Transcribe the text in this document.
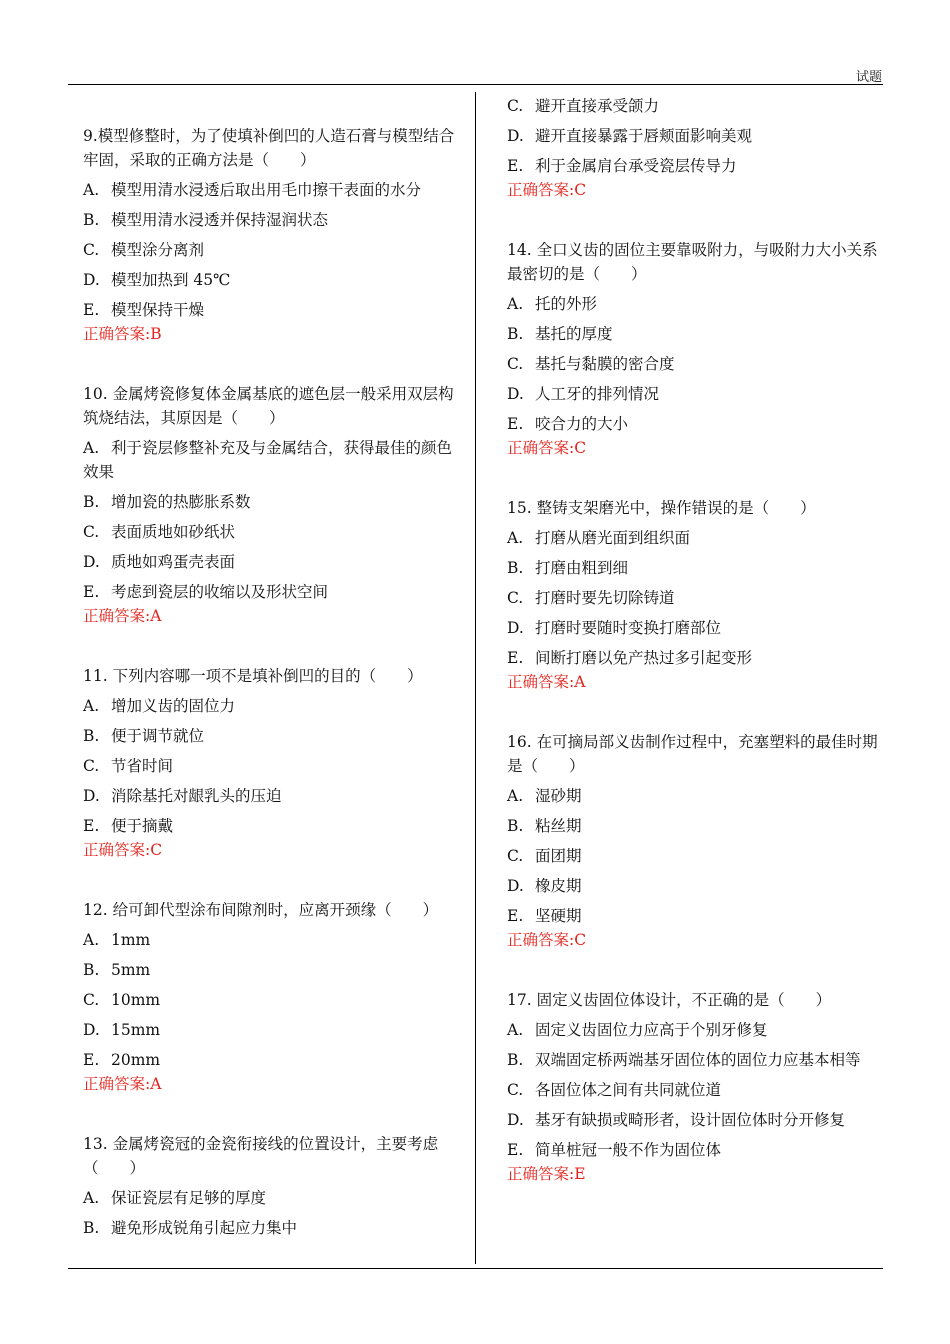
试题
9.模型修整时，为了使填补倒凹的人造石膏与模型结合牢固，采取的正确方法是（　　）
A. 模型用清水浸透后取出用毛巾擦干表面的水分
B. 模型用清水浸透并保持湿润状态
C. 模型涂分离剂
D. 模型加热到 45℃
E. 模型保持干燥
正确答案:B
10. 金属烤瓷修复体金属基底的遮色层一般采用双层构筑烧结法，其原因是（　　）
A. 利于瓷层修整补充及与金属结合，获得最佳的颜色效果
B. 增加瓷的热膨胀系数
C. 表面质地如砂纸状
D. 质地如鸡蛋壳表面
E. 考虑到瓷层的收缩以及形状空间
正确答案:A
11. 下列内容哪一项不是填补倒凹的目的（　　）
A. 增加义齿的固位力
B. 便于调节就位
C. 节省时间
D. 消除基托对龈乳头的压迫
E. 便于摘戴
正确答案:C
12. 给可卸代型涂布间隙剂时，应离开颈缘（　　）
A. 1mm
B. 5mm
C. 10mm
D. 15mm
E. 20mm
正确答案:A
13. 金属烤瓷冠的金瓷衔接线的位置设计，主要考虑（　　）
A. 保证瓷层有足够的厚度
B. 避免形成锐角引起应力集中
C. 避开直接承受颌力
D. 避开直接暴露于唇颊面影响美观
E. 利于金属肩台承受瓷层传导力
正确答案:C
14. 全口义齿的固位主要靠吸附力，与吸附力大小关系最密切的是（　　）
A. 托的外形
B. 基托的厚度
C. 基托与黏膜的密合度
D. 人工牙的排列情况
E. 咬合力的大小
正确答案:C
15. 整铸支架磨光中，操作错误的是（　　）
A. 打磨从磨光面到组织面
B. 打磨由粗到细
C. 打磨时要先切除铸道
D. 打磨时要随时变换打磨部位
E. 间断打磨以免产热过多引起变形
正确答案:A
16. 在可摘局部义齿制作过程中，充塞塑料的最佳时期是（　　）
A. 湿砂期
B. 粘丝期
C. 面团期
D. 橡皮期
E. 坚硬期
正确答案:C
17. 固定义齿固位体设计，不正确的是（　　）
A. 固定义齿固位力应高于个别牙修复
B. 双端固定桥两端基牙固位体的固位力应基本相等
C. 各固位体之间有共同就位道
D. 基牙有缺损或畸形者，设计固位体时分开修复
E. 简单桩冠一般不作为固位体
正确答案:E
